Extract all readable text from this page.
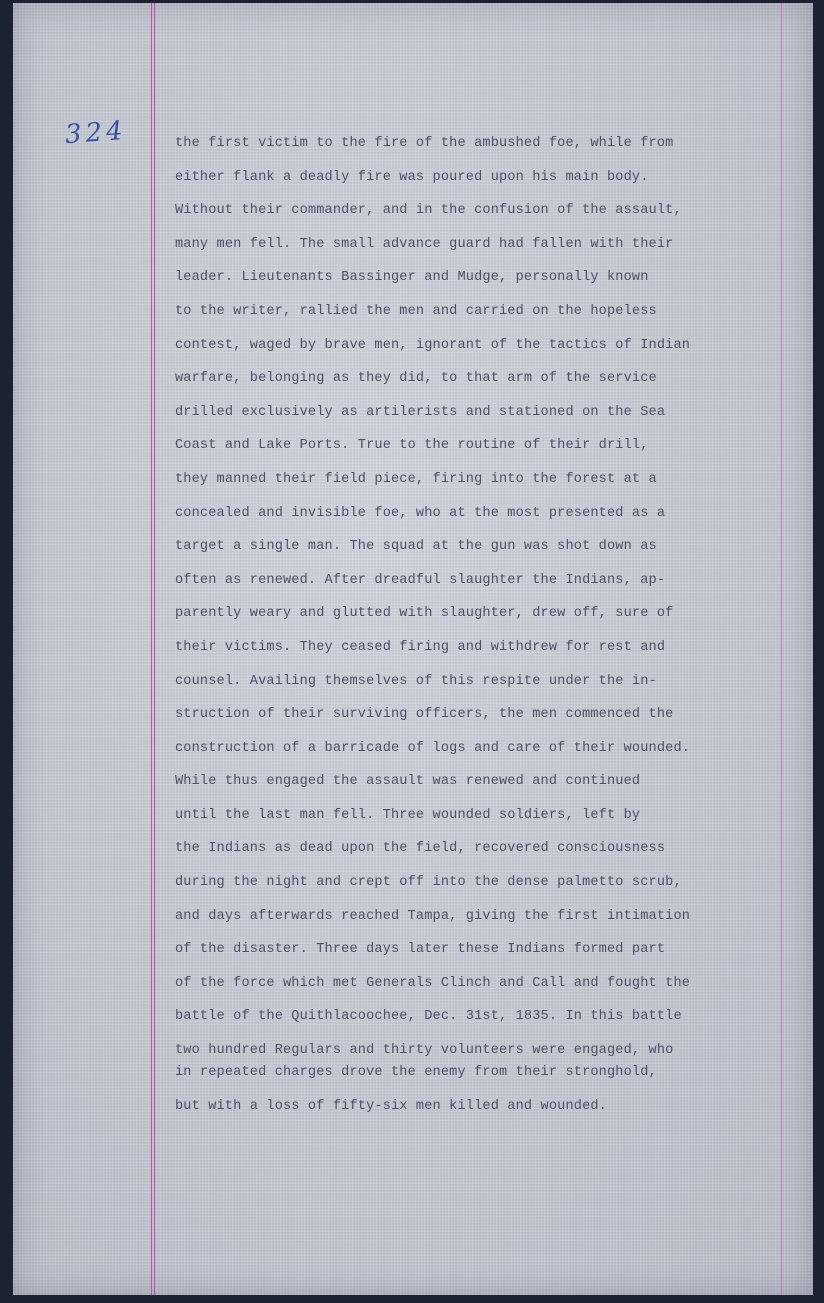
324	the first victim to the fire of the ambushed foe, while from
either flank a deadly fire was poured upon his main body.
Without their commander, and in the confusion of the assault,
many men fell. The small advance guard had fallen with their
leader. Lieutenants Bassinger and Mudge, personally known
to the writer, rallied the men and carried on the hopeless
contest, waged by brave men, ignorant of the tactics of Indian
warfare, belonging as they did, to that arm of the service
drilled exclusively as artilerists and stationed on the Sea
Coast and Lake Ports. True to the routine of their drill,
they manned their field piece, firing into the forest at a
concealed and invisible foe, who at the most presented as a
target a single man. The squad at the gun was shot down as
often as renewed. After dreadful slaughter the Indians, ap-
parently weary and glutted with slaughter, drew off, sure of
their victims. They ceased firing and withdrew for rest and
counsel. Availing themselves of this respite under the in-
struction of their surviving officers, the men commenced the
construction of a barricade of logs and care of their wounded.
While thus engaged the assault was renewed and continued
until the last man fell. Three wounded soldiers, left by
the Indians as dead upon the field, recovered consciousness
during the night and crept off into the dense palmetto scrub,
and days afterwards reached Tampa, giving the first intimation
of the disaster. Three days later these Indians formed part
of the force which met Generals Clinch and Call and fought the
battle of the Quithlacoochee, Dec. 31st, 1835. In this battle
two hundred Regulars and thirty volunteers were engaged, who
in repeated charges drove the enemy from their stronghold,
but with a loss of fifty-six men killed and wounded.
